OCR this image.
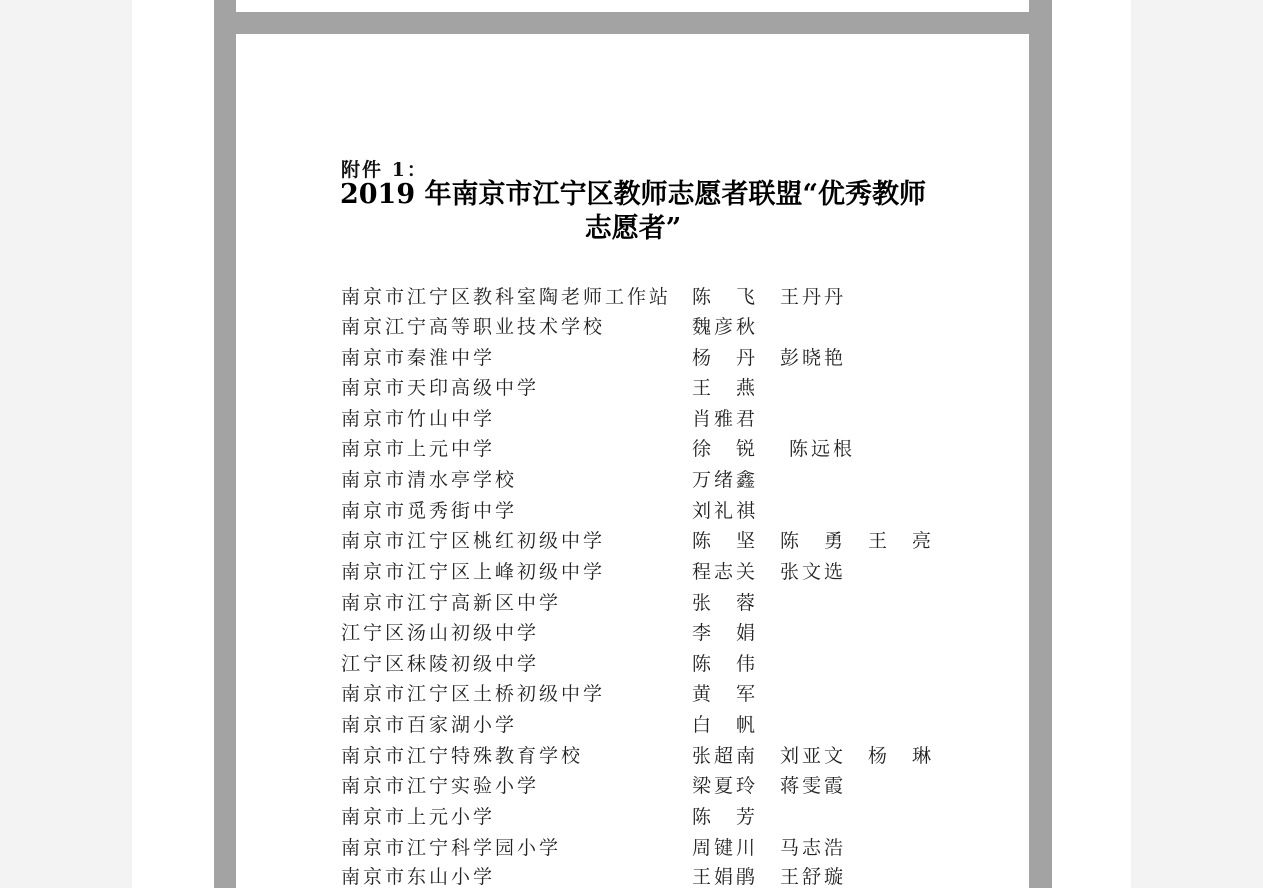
附件 1：
2019 年南京市江宁区教师志愿者联盟“优秀教师志愿者”
南京市江宁区教科室陶老师工作站 陈　飞　王丹丹
南京江宁高等职业技术学校	魏彦秋
南京市秦淮中学	杨　丹　彭晓艳
南京市天印高级中学	王　燕
南京市竹山中学	肖雅君
南京市上元中学	徐　锐　 陈远根
南京市清水亭学校	万绪鑫
南京市觅秀街中学	刘礼祺
南京市江宁区桃红初级中学	陈　坚　陈　勇　王　亮
南京市江宁区上峰初级中学	程志关　张文选
南京市江宁高新区中学	张　蓉
江宁区汤山初级中学	李　娟
江宁区秣陵初级中学	陈　伟
南京市江宁区土桥初级中学	黄　军
南京市百家湖小学	白　帆
南京市江宁特殊教育学校	张超南　刘亚文　杨　琳
南京市江宁实验小学	梁夏玲　蒋雯霞
南京市上元小学	陈　芳
南京市江宁科学园小学	周键川　马志浩
南京市东山小学	王娟鹃　王舒璇
